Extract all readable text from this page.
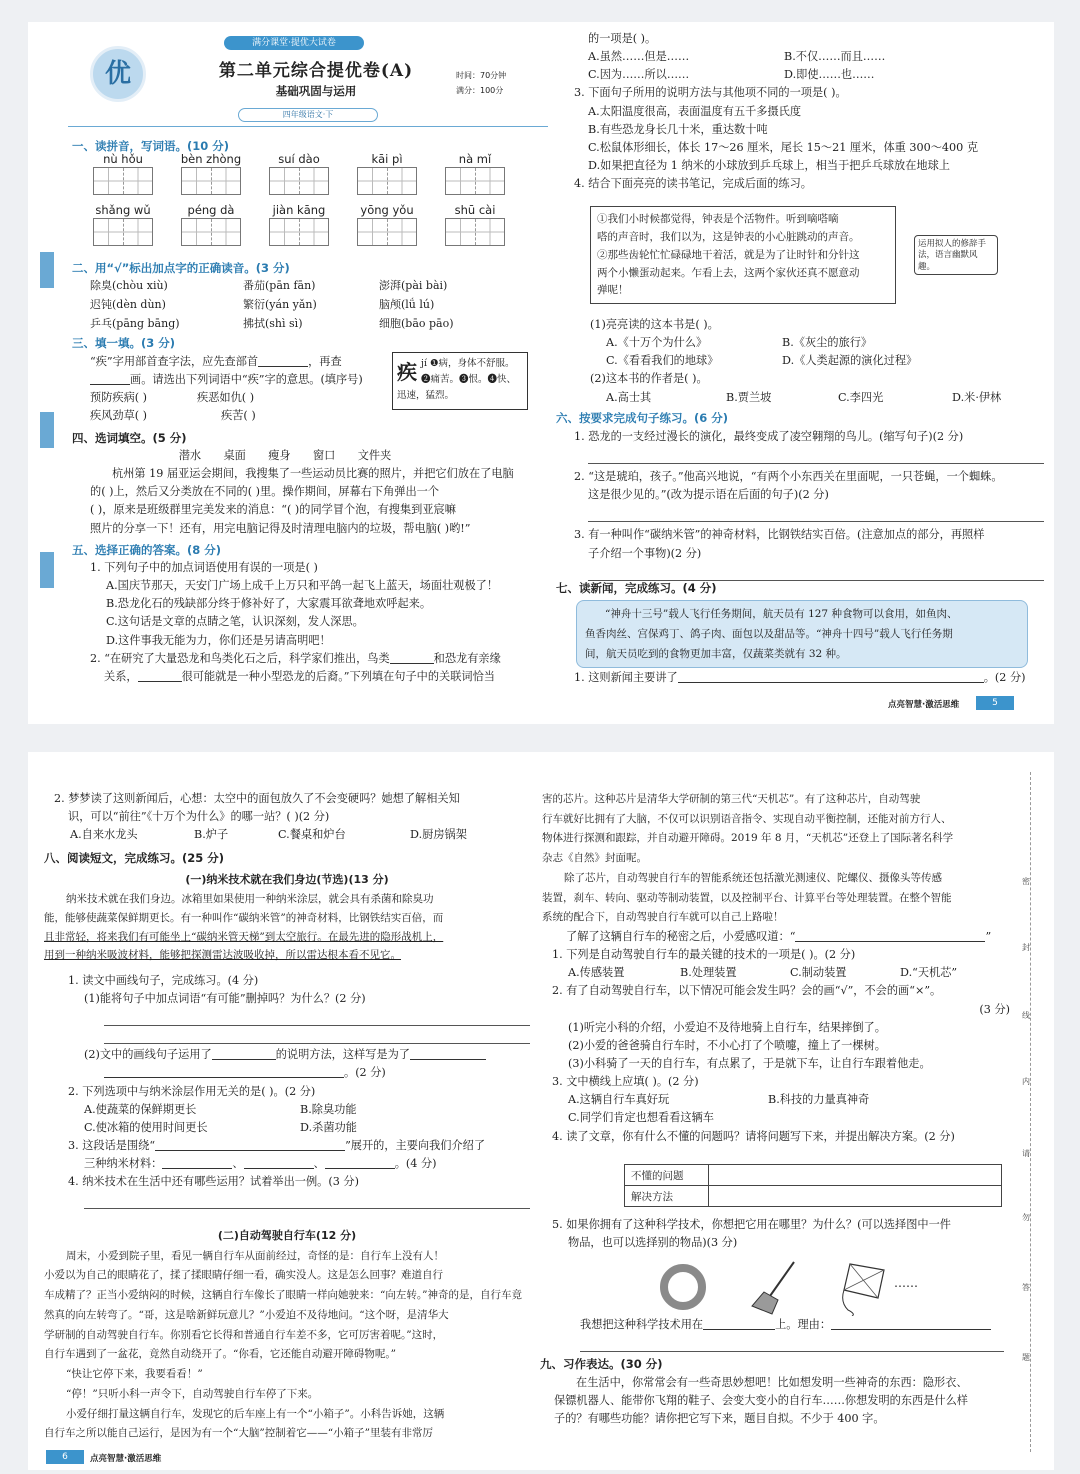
满分课堂·提优大试卷
优	第二单元综合提优卷(A)
基础巩固与运用
时间：70分钟
满分：100分
四年级语文·下
一、读拼音，写词语。(10 分)
二、用“√”标出加点字的正确读音。(3 分)
除臭(chòu xiù)	番茄(pān fān)	澎湃(pài bài)
迟钝(dèn dùn)	繁衍(yán yǎn)	脑颅(lǘ lú)
乒乓(pāng bāng)	拂拭(shì sì)	细胞(bāo pāo)
三、填一填。(3 分)
“疾”字用部首查字法，应先查部首	，再查
画。请选出下列词语中“疾”字的意思。(填序号)
预防疾病( )	疾恶如仇( )
疾风劲草( )	疾苦( )
疾 jí ❶病，身体不舒服。
❷痛苦。❸恨。❹快、
迅速，猛烈。
四、选词填空。(5 分)
潜水　　桌面　　瘦身　　窗口　　文件夹
杭州第 19 届亚运会期间，我搜集了一些运动员比赛的照片，并把它们放在了电脑
的( )上，然后又分类放在不同的( )里。操作期间，屏幕右下角弹出一个
( )，原来是班级群里完美发来的消息：“( )的同学冒个泡，有搜集到亚宸嘛
照片的分享一下！还有，用完电脑记得及时清理电脑内的垃圾，帮电脑( )哟!”
五、选择正确的答案。(8 分)
1. 下列句子中的加点词语使用有误的一项是( )
A.国庆节那天，天安门广场上成千上万只和平鸽一起飞上蓝天，场面壮观极了！
B.恐龙化石的残缺部分终于修补好了，大家震耳欲聋地欢呼起来。
C.这句话是文章的点睛之笔，认识深刻，发人深思。
D.这件事我无能为力，你们还是另请高明吧！
2. “在研究了大量恐龙和鸟类化石之后，科学家们推出，鸟类	和恐龙有亲缘
关系，	很可能就是一种小型恐龙的后裔。”下列填在句子中的关联词恰当
的一项是( )。
A.虽然……但是……	B.不仅……而且……
C.因为……所以……	D.即使……也……
3. 下面句子所用的说明方法与其他项不同的一项是( )。
A.太阳温度很高，表面温度有五千多摄氏度
B.有些恐龙身长几十米，重达数十吨
C.松鼠体形细长，体长 17～26 厘米，尾长 15～21 厘米，体重 300～400 克
D.如果把直径为 1 纳米的小球放到乒乓球上，相当于把乒乓球放在地球上
4. 结合下面亮亮的读书笔记，完成后面的练习。
①我们小时候都觉得，钟表是个活物件。听到嘀嗒嘀
嗒的声音时，我们以为，这是钟表的小心脏跳动的声音。
②那些齿轮忙忙碌碌地干着活，就是为了让时针和分针这
两个小懒蛋动起来。乍看上去，这两个家伙还真不愿意动
弹呢！
运用拟人的修辞手法，语言幽默风趣。
(1)亮亮读的这本书是( )。
A.《十万个为什么》	B.《灰尘的旅行》
C.《看看我们的地球》	D.《人类起源的演化过程》
(2)这本书的作者是( )。
A.高士其	B.贾兰坡	C.李四光	D.米·伊林
六、按要求完成句子练习。(6 分)
1. 恐龙的一支经过漫长的演化，最终变成了凌空翱翔的鸟儿。(缩写句子)(2 分)
2. “这是琥珀，孩子。”他高兴地说，“有两个小东西关在里面呢，一只苍蝇，一个蜘蛛。
这是很少见的。”(改为提示语在后面的句子)(2 分)
3. 有一种叫作“碳纳米管”的神奇材料，比钢铁结实百倍。(注意加点的部分，再照样
子介绍一个事物)(2 分)
七、读新闻，完成练习。(4 分)
“神舟十三号”载人飞行任务期间，航天员有 127 种食物可以食用，如鱼肉、
鱼香肉丝、宫保鸡丁、鸽子肉、面包以及甜品等。“神舟十四号”载人飞行任务期
间，航天员吃到的食物更加丰富，仅蔬菜类就有 32 种。
1. 这则新闻主要讲了	。(2 分)
点亮智慧·激活思维	5
nù hǒu	bèn zhòng	suí dào	kāi pì	nà mǐ
shǎng wǔ	péng dà	jiàn kāng	yōng yǒu	shū cài
2. 梦梦读了这则新闻后，心想：太空中的面包放久了不会变硬吗？她想了解相关知
识，可以“前往”《十万个为什么》的哪一站？( )(2 分)
A.自来水龙头	B.炉子	C.餐桌和炉台	D.厨房锅架
八、阅读短文，完成练习。(25 分)
(一)纳米技术就在我们身边(节选)(13 分)
纳米技术就在我们身边。冰箱里如果使用一种纳米涂层，就会具有杀菌和除臭功
能，能够使蔬菜保鲜期更长。有一种叫作“碳纳米管”的神奇材料，比钢铁结实百倍，而
且非常轻，将来我们有可能坐上“碳纳米管天梯”到太空旅行。在最先进的隐形战机上，
用到一种纳米吸波材料，能够把探测雷达波吸收掉，所以雷达根本看不见它。
1. 读文中画线句子，完成练习。(4 分)
(1)能将句子中加点词语“有可能”删掉吗？为什么？(2 分)
(2)文中的画线句子运用了	的说明方法，这样写是为了
。(2 分)
2. 下列选项中与纳米涂层作用无关的是( )。(2 分)
A.使蔬菜的保鲜期更长	B.除臭功能
C.使冰箱的使用时间更长	D.杀菌功能
3. 这段话是围绕“	”展开的，主要向我们介绍了
三种纳米材料：	、	、	。(4 分)
4. 纳米技术在生活中还有哪些运用？试着举出一例。(3 分)
(二)自动驾驶自行车(12 分)
周末，小爱到院子里，看见一辆自行车从面前经过，奇怪的是：自行车上没有人！
小爱以为自己的眼睛花了，揉了揉眼睛仔细一看，确实没人。这是怎么回事？难道自行
车成精了？正当小爱纳闷的时候，这辆自行车像长了眼睛一样向她驶来：“向左转。”神奇的是，自行车竟
然真的向左转弯了。“哥，这是啥新鲜玩意儿？”小爱迫不及待地问。“这个呀，是清华大
学研制的自动驾驶自行车。你别看它长得和普通自行车差不多，它可厉害着呢。”这时，
自行车遇到了一盆花，竟然自动绕开了。“你看，它还能自动避开障碍物呢。”
“快让它停下来，我要看看！”
“停！”只听小科一声令下，自动驾驶自行车停了下来。
小爱仔细打量这辆自行车，发现它的后车座上有一个“小箱子”。小科告诉她，这辆
自行车之所以能自己运行，是因为有一个“大脑”控制着它——“小箱子”里装有非常厉
6	点亮智慧·激活思维
害的芯片。这种芯片是清华大学研制的第三代“天机芯”。有了这种芯片，自动驾驶
行车就好比拥有了大脑，不仅可以识别语音指令、实现自动平衡控制，还能对前方行人、
物体进行探测和跟踪，并自动避开障碍。2019 年 8 月，“天机芯”还登上了国际著名科学
杂志《自然》封面呢。
除了芯片，自动驾驶自行车的智能系统还包括激光测速仪、陀螺仪、摄像头等传感
装置，刹车、转向、驱动等制动装置，以及控制平台、计算平台等处理装置。在整个智能
系统的配合下，自动驾驶自行车就可以自己上路啦！
了解了这辆自行车的秘密之后，小爱感叹道：“	”
1. 下列是自动驾驶自行车的最关键的技术的一项是( )。(2 分)
A.传感装置	B.处理装置	C.制动装置	D.“天机芯”
2. 有了自动驾驶自行车，以下情况可能会发生吗？会的画“√”，不会的画“×”。
(3 分)
(1)听完小科的介绍，小爱迫不及待地骑上自行车，结果摔倒了。
(2)小爱的爸爸骑自行车时，不小心打了个喷嚏，撞上了一棵树。
(3)小科骑了一天的自行车，有点累了，于是就下车，让自行车跟着他走。
3. 文中横线上应填( )。(2 分)
A.这辆自行车真好玩	B.科技的力量真神奇
C.同学们肯定也想看看这辆车
4. 读了文章，你有什么不懂的问题吗？请将问题写下来，并提出解决方案。(2 分)
不懂的问题	
解决方法	
5. 如果你拥有了这种科学技术，你想把它用在哪里？为什么？(可以选择图中一件
物品，也可以选择别的物品)(3 分)
……
我想把这种科学技术用在	上。理由：
九、习作表达。(30 分)
在生活中，你常常会有一些奇思妙想吧！比如想发明一些神奇的东西：隐形衣、
保镖机器人、能带你飞翔的鞋子、会变大变小的自行车……你想发明的东西是什么样
子的？有哪些功能？请你把它写下来，题目自拟。不少于 400 字。
密
封
线
内
请
勿
答
题
